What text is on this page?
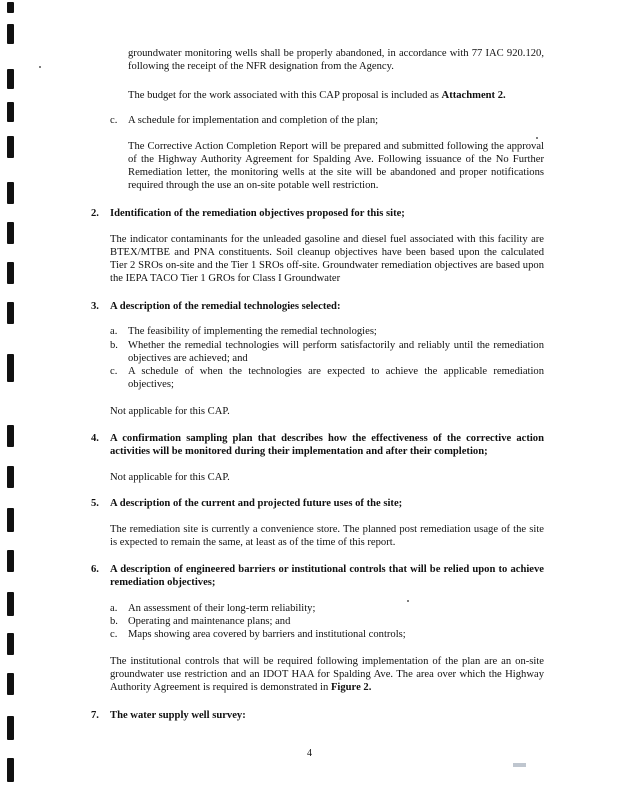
groundwater monitoring wells shall be properly abandoned, in accordance with 77 IAC 920.120, following the receipt of the NFR designation from the Agency.

The budget for the work associated with this CAP proposal is included as Attachment 2.

c. A schedule for implementation and completion of the plan;

The Corrective Action Completion Report will be prepared and submitted following the approval of the Highway Authority Agreement for Spalding Ave. Following issuance of the No Further Remediation letter, the monitoring wells at the site will be abandoned and proper notifications required through the use an on-site potable well restriction.

2. Identification of the remediation objectives proposed for this site;

The indicator contaminants for the unleaded gasoline and diesel fuel associated with this facility are BTEX/MTBE and PNA constituents. Soil cleanup objectives have been based upon the calculated Tier 2 SROs on-site and the Tier 1 SROs off-site. Groundwater remediation objectives are based upon the IEPA TACO Tier 1 GROs for Class I Groundwater

3. A description of the remedial technologies selected:
a. The feasibility of implementing the remedial technologies;
b. Whether the remedial technologies will perform satisfactorily and reliably until the remediation objectives are achieved; and
c. A schedule of when the technologies are expected to achieve the applicable remediation objectives;

Not applicable for this CAP.

4. A confirmation sampling plan that describes how the effectiveness of the corrective action activities will be monitored during their implementation and after their completion;

Not applicable for this CAP.

5. A description of the current and projected future uses of the site;

The remediation site is currently a convenience store. The planned post remediation usage of the site is expected to remain the same, at least as of the time of this report.

6. A description of engineered barriers or institutional controls that will be relied upon to achieve remediation objectives;
a. An assessment of their long-term reliability;
b. Operating and maintenance plans; and
c. Maps showing area covered by barriers and institutional controls;

The institutional controls that will be required following implementation of the plan are an on-site groundwater use restriction and an IDOT HAA for Spalding Ave. The area over which the Highway Authority Agreement is required is demonstrated in Figure 2.

7. The water supply well survey:
4
